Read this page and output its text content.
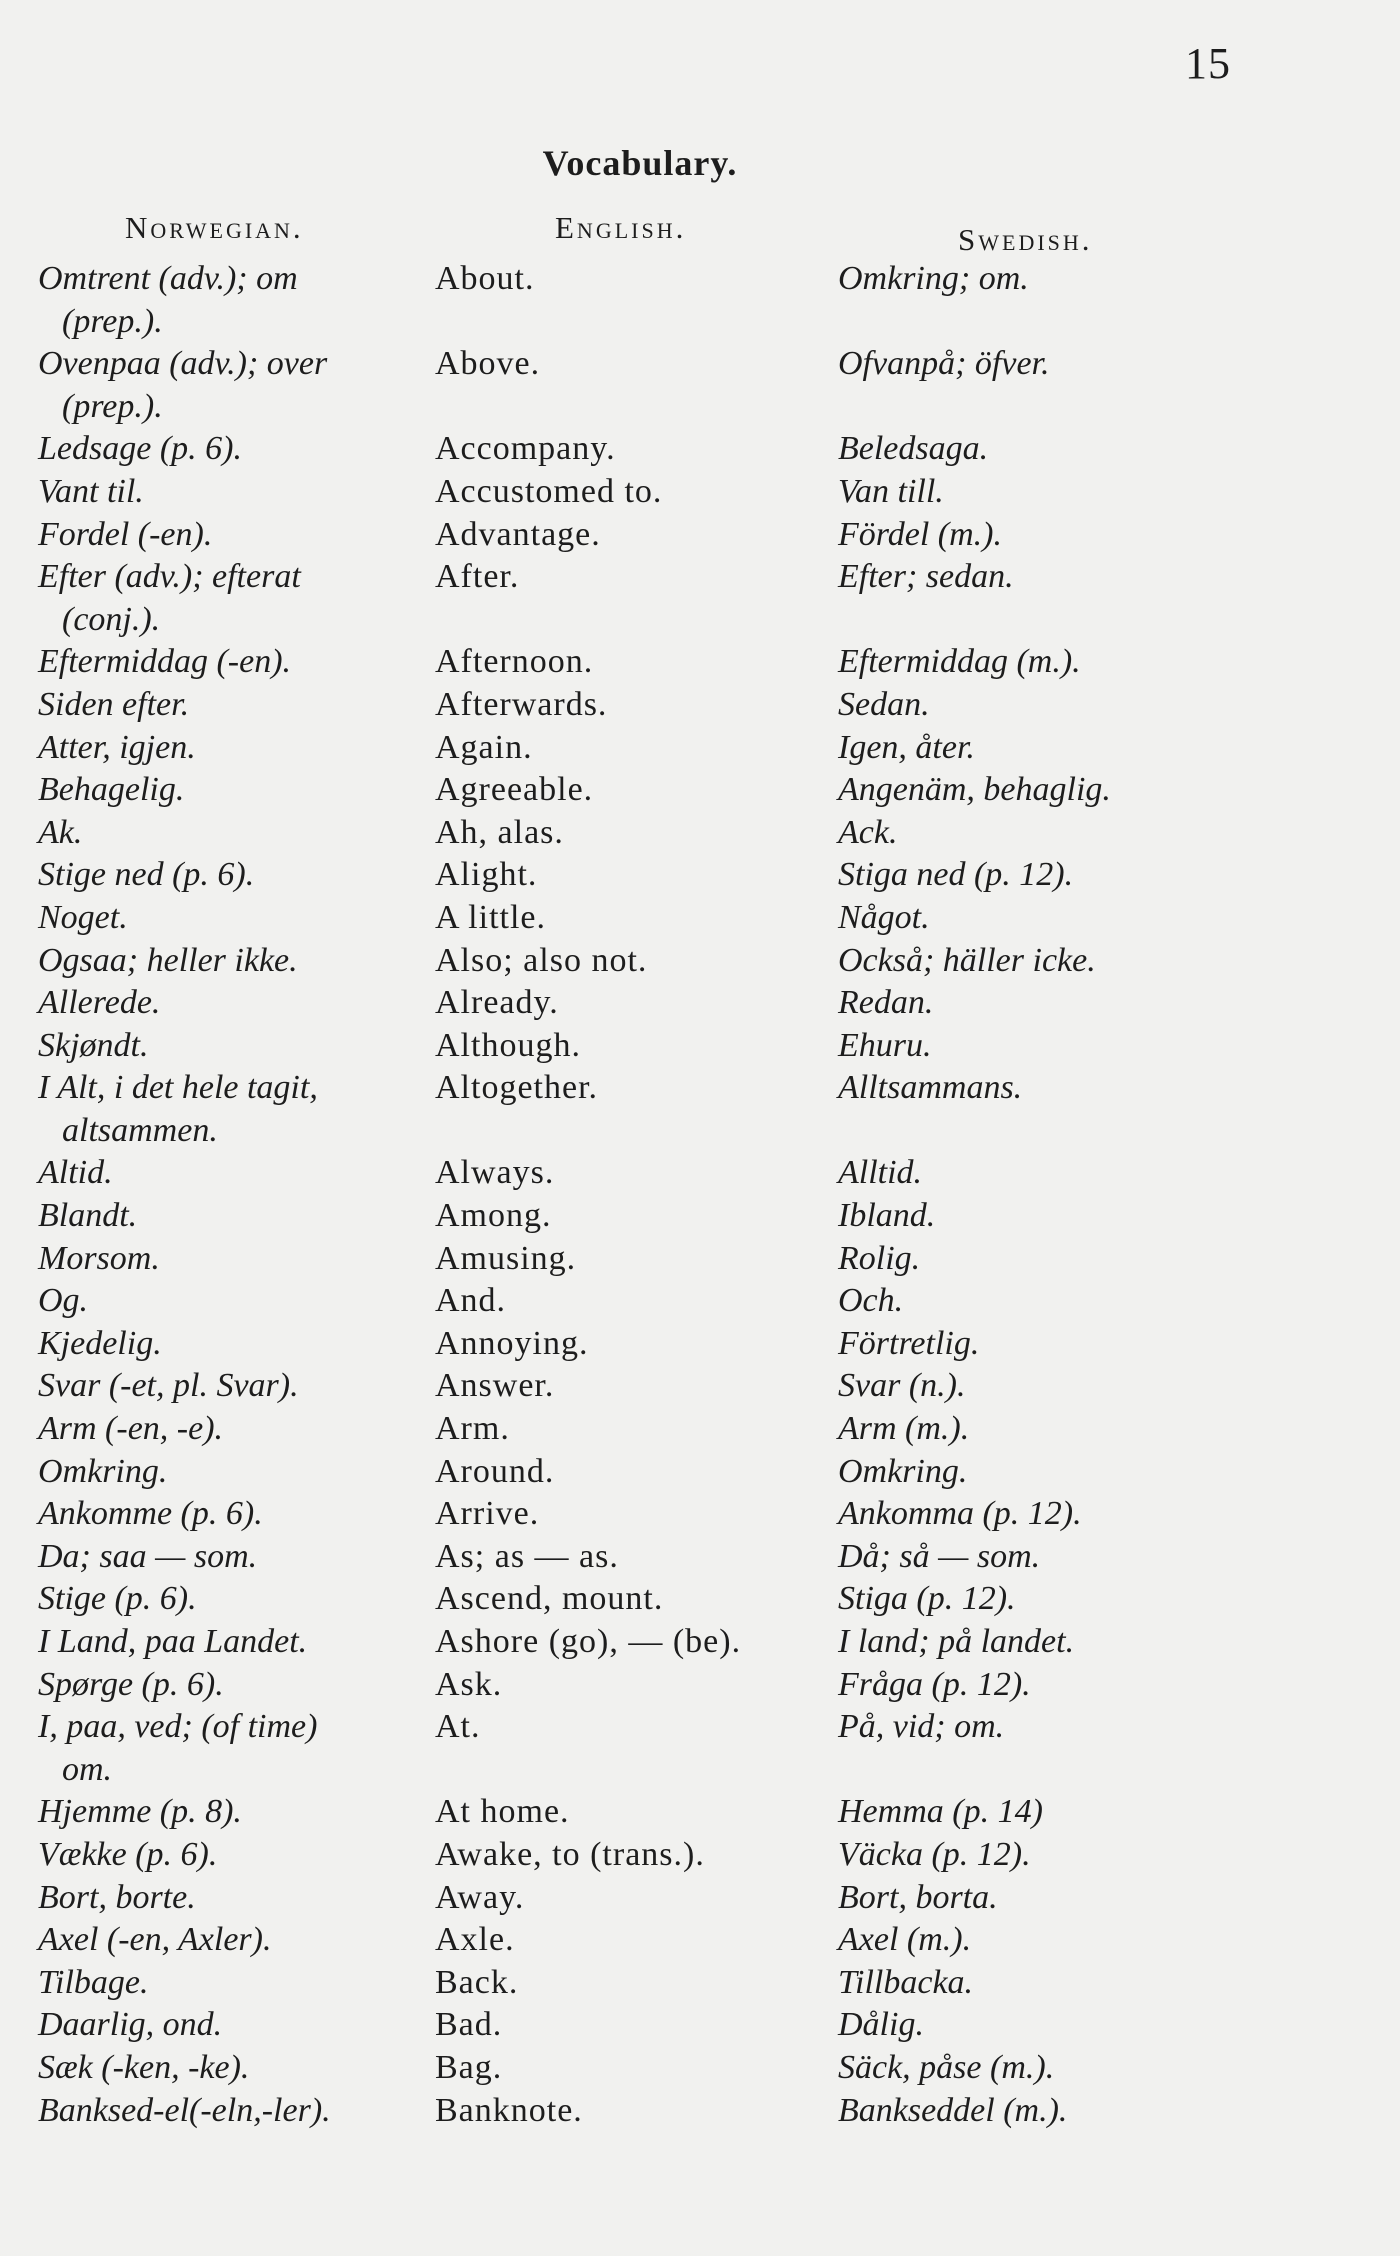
15
Vocabulary.
Norwegian.	English.	Swedish.
Omtrent (adv.); om	About.	Omkring; om.
(prep.).
Ovenpaa (adv.); over	Above.	Ofvanpå; öfver.
(prep.).
Ledsage (p. 6).	Accompany.	Beledsaga.
Vant til.	Accustomed to.	Van till.
Fordel (-en).	Advantage.	Fördel (m.).
Efter (adv.); efterat	After.	Efter; sedan.
(conj.).
Eftermiddag (-en).	Afternoon.	Eftermiddag (m.).
Siden efter.	Afterwards.	Sedan.
Atter, igjen.	Again.	Igen, åter.
Behagelig.	Agreeable.	Angenäm, behaglig.
Ak.	Ah, alas.	Ack.
Stige ned (p. 6).	Alight.	Stiga ned (p. 12).
Noget.	A little.	Något.
Ogsaa; heller ikke.	Also; also not.	Också; häller icke.
Allerede.	Already.	Redan.
Skjøndt.	Although.	Ehuru.
I Alt, i det hele tagit,	Altogether.	Alltsammans.
altsammen.
Altid.	Always.	Alltid.
Blandt.	Among.	Ibland.
Morsom.	Amusing.	Rolig.
Og.	And.	Och.
Kjedelig.	Annoying.	Förtretlig.
Svar (-et, pl. Svar).	Answer.	Svar (n.).
Arm (-en, -e).	Arm.	Arm (m.).
Omkring.	Around.	Omkring.
Ankomme (p. 6).	Arrive.	Ankomma (p. 12).
Da; saa — som.	As; as — as.	Då; så — som.
Stige (p. 6).	Ascend, mount.	Stiga (p. 12).
I Land, paa Landet.	Ashore (go), — (be).	I land; på landet.
Spørge (p. 6).	Ask.	Fråga (p. 12).
I, paa, ved; (of time)	At.	På, vid; om.
om.
Hjemme (p. 8).	At home.	Hemma (p. 14)
Vække (p. 6).	Awake, to (trans.).	Väcka (p. 12).
Bort, borte.	Away.	Bort, borta.
Axel (-en, Axler).	Axle.	Axel (m.).
Tilbage.	Back.	Tillbacka.
Daarlig, ond.	Bad.	Dålig.
Sæk (-ken, -ke).	Bag.	Säck, påse (m.).
Banksed-el(-eln,-ler).	Banknote.	Bankseddel (m.).
